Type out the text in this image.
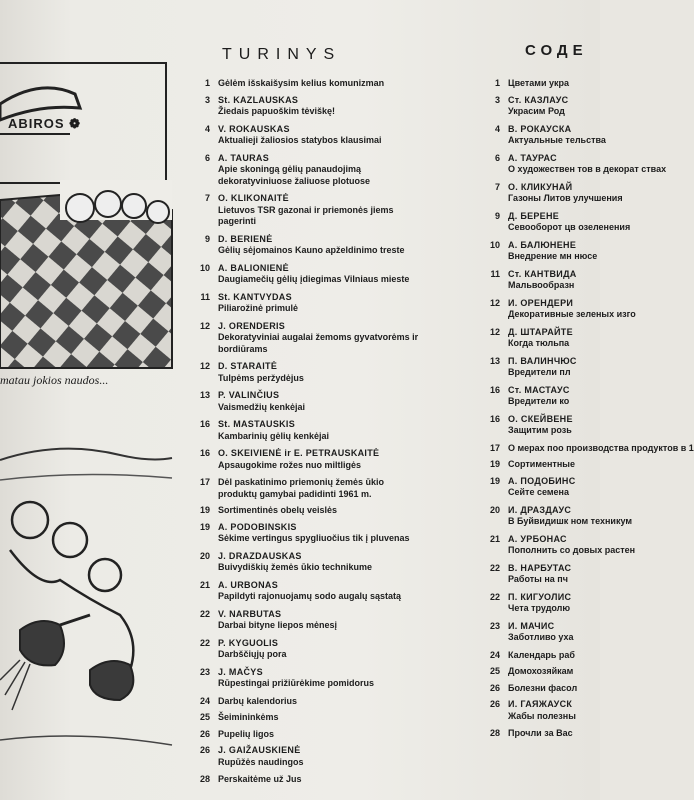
ABIROS ❁
matau jokios naudos...
TURINYS
1 Gėlėm išskaišysim kelius komunizman
3 St. KAZLAUSKAS
Žiedais papuoškim tėviškę!
4 V. ROKAUSKAS
Aktualieji žaliosios statybos klausimai
6 A. TAURAS
Apie skoningą gėlių panaudojimą dekoratyviniuose žaliuose plotuose
7 O. KLIKONAITĖ
Lietuvos TSR gazonai ir priemonės jiems pagerinti
9 D. BERIENĖ
Gėlių sėjomainos Kauno apželdinimo treste
10 A. BALIONIENĖ
Daugiamečių gėlių įdiegimas Vilniaus mieste
11 St. KANTVYDAS
Piliarožinė primulė
12 J. ORENDERIS
Dekoratyviniai augalai žemoms gyvatvorėms ir bordiūrams
12 D. STARAITĖ
Tulpėms peržydėjus
13 P. VALINČIUS
Vaismedžių kenkėjai
16 St. MASTAUSKIS
Kambarinių gėlių kenkėjai
16 O. SKEIVIENĖ ir E. PETRAUSKAITĖ
Apsaugokime rožes nuo miltligės
17 Dėl paskatinimo priemonių žemės ūkio produktų gamybai padidinti 1961 m.
19 Sortimentinės obelų veislės
19 A. PODOBINSKIS
Sėkime vertingus spygliuočius tik į pluvenas
20 J. DRAZDAUSKAS
Buivydiškių žemės ūkio technikume
21 A. URBONAS
Papildyti rajonuojamų sodo augalų sąstatą
22 V. NARBUTAS
Darbai bityne liepos mėnesį
22 P. KYGUOLIS
Darbščiųjų pora
23 J. MAČYS
Rūpestingai prižiūrėkime pomidorus
24 Darbų kalendorius
25 Šeimininkėms
26 Pupelių ligos
26 J. GAIŽAUSKIENĖ
Rupūžės naudingos
28 Perskaitėme už Jus
СОДЕ
1 Цветами укра
3 Ст. КАЗЛАУС
Украсим Род
4 В. РОКАУСКА
Актуальные тельства
6 А. ТАУРАС
О художествен тов в декорат ствах
7 О. КЛИКУНАЙ
Газоны Литов улучшения
9 Д. БЕРЕНЕ
Севооборот цв озеленения
10 А. БАЛЮНЕНЕ
Внедрение мн нюсе
11 Ст. КАНТВИДА
Мальвообразн
12 И. ОРЕНДЕРИ
Декоративные зеленых изго
12 Д. ШТАРАЙТЕ
Когда тюльпа
13 П. ВАЛИНЧЮС
Вредители пл
16 Ст. МАСТАУС
Вредители ко
16 О. СКЕЙВЕНЕ
Защитим розь
17 О мерах поо производства продуктов в 1
19 Сортиментные
19 А. ПОДОБИНС
Сейте семена
20 И. ДРАЗДАУС
В Буйвидишк ном техникум
21 А. УРБОНАС
Пополнить со довых растен
22 В. НАРБУТАС
Работы на пч
22 П. КИГУОЛИС
Чета трудолю
23 И. МАЧИС
Заботливо уха
24 Календарь раб
25 Домохозяйкам
26 Болезни фасол
26 И. ГАЯЖАУСК
Жабы полезны
28 Прочли за Вас
